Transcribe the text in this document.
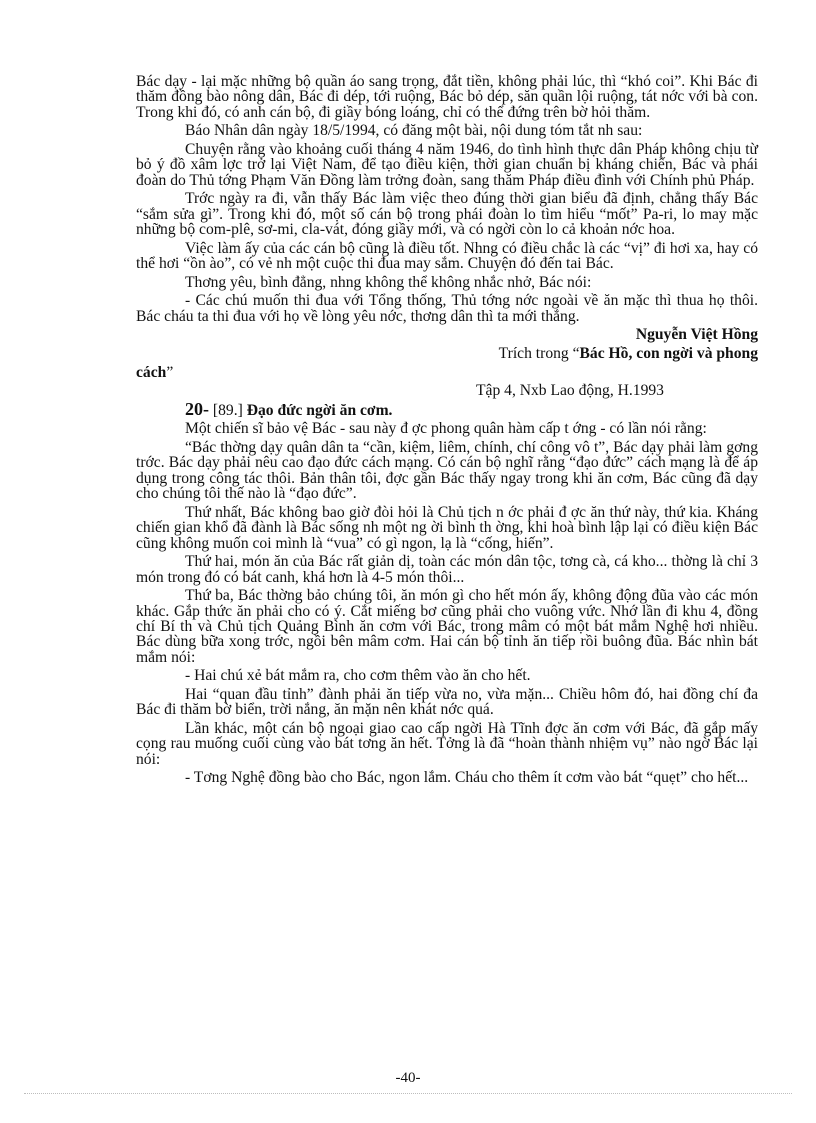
Bác dạy - lại mặc những bộ quần áo sang trọng, đắt tiền, không phải lúc, thì “khó coi”. Khi Bác đi thăm đồng bào nông dân, Bác đi dép, tới ruộng, Bác bỏ dép, săn quần lội ruộng, tát nớc với bà con. Trong khi đó, có anh cán bộ, đi giầy bóng loáng, chỉ có thể đứng trên bờ hỏi thăm.

Báo Nhân dân ngày 18/5/1994, có đăng một bài, nội dung tóm tắt nh sau:

Chuyện rằng vào khoảng cuối tháng 4 năm 1946, do tình hình thực dân Pháp không chịu từ bỏ ý đồ xâm lợc trở lại Việt Nam, để tạo điều kiện, thời gian chuẩn bị kháng chiến, Bác và phái đoàn do Thủ tớng Phạm Văn Đồng làm trởng đoàn, sang thăm Pháp điều đình với Chính phủ Pháp.

Trớc ngày ra đi, vẫn thấy Bác làm việc theo đúng thời gian biểu đã định, chẳng thấy Bác “sắm sửa gì”. Trong khi đó, một số cán bộ trong phái đoàn lo tìm hiểu “mốt” Pa-ri, lo may mặc những bộ com-plê, sơ-mi, cla-vát, đóng giầy mới, và có ngời còn lo cả khoản nớc hoa.

Việc làm ấy của các cán bộ cũng là điều tốt. Nhng có điều chắc là các “vị” đi hơi xa, hay có thể hơi “ồn ào”, có vẻ nh một cuộc thi đua may sắm. Chuyện đó đến tai Bác.

Thơng yêu, bình đẳng, nhng không thể không nhắc nhở, Bác nói:

- Các chú muốn thi đua với Tổng thống, Thủ tớng nớc ngoài về ăn mặc thì thua họ thôi. Bác cháu ta thi đua với họ về lòng yêu nớc, thơng dân thì ta mới thắng.

Nguyễn Việt Hồng

Trích trong “Bác Hồ, con ngời và phong

cách”

Tập 4, Nxb Lao động, H.1993

20- [89.] Đạo đức ngời ăn cơm.

Một chiến sĩ bảo vệ Bác - sau này đ ợc phong quân hàm cấp t ớng - có lần nói rằng:

“Bác thờng dạy quân dân ta “cần, kiệm, liêm, chính, chí công vô t”, Bác dạy phải làm gơng trớc. Bác dạy phải nêu cao đạo đức cách mạng. Có cán bộ nghĩ rằng “đạo đức” cách mạng là để áp dụng trong công tác thôi. Bản thân tôi, đợc gần Bác thấy ngay trong khi ăn cơm, Bác cũng đã dạy cho chúng tôi thế nào là “đạo đức”.

Thứ nhất, Bác không bao giờ đòi hỏi là Chủ tịch n ớc phải đ ợc ăn thứ này, thứ kia. Kháng chiến gian khổ đã đành là Bác sống nh một ng ời bình th ờng, khi hoà bình lập lại có điều kiện Bác cũng không muốn coi mình là “vua” có gì ngon, lạ là “cống, hiến”.

Thứ hai, món ăn của Bác rất giản dị, toàn các món dân tộc, tơng cà, cá kho... thờng là chỉ 3 món trong đó có bát canh, khá hơn là 4-5 món thôi...

Thứ ba, Bác thờng bảo chúng tôi, ăn món gì cho hết món ấy, không động đũa vào các món khác. Gắp thức ăn phải cho có ý. Cắt miếng bơ cũng phải cho vuông vức. Nhớ lần đi khu 4, đồng chí Bí th và Chủ tịch Quảng Bình ăn cơm với Bác, trong mâm có một bát mắm Nghệ hơi nhiều. Bác dùng bữa xong trớc, ngồi bên mâm cơm. Hai cán bộ tỉnh ăn tiếp rồi buông đũa. Bác nhìn bát mắm nói:

- Hai chú xẻ bát mắm ra, cho cơm thêm vào ăn cho hết.

Hai “quan đầu tỉnh” đành phải ăn tiếp vừa no, vừa mặn... Chiều hôm đó, hai đồng chí đa Bác đi thăm bờ biển, trời nắng, ăn mặn nên khát nớc quá.

Lần khác, một cán bộ ngoại giao cao cấp ngời Hà Tĩnh đợc ăn cơm với Bác, đã gắp mấy cọng rau muống cuối cùng vào bát tơng ăn hết. Tởng là đã “hoàn thành nhiệm vụ” nào ngờ Bác lại nói:

- Tơng Nghệ đồng bào cho Bác, ngon lắm. Cháu cho thêm ít cơm vào bát “quẹt” cho hết...

-40-
